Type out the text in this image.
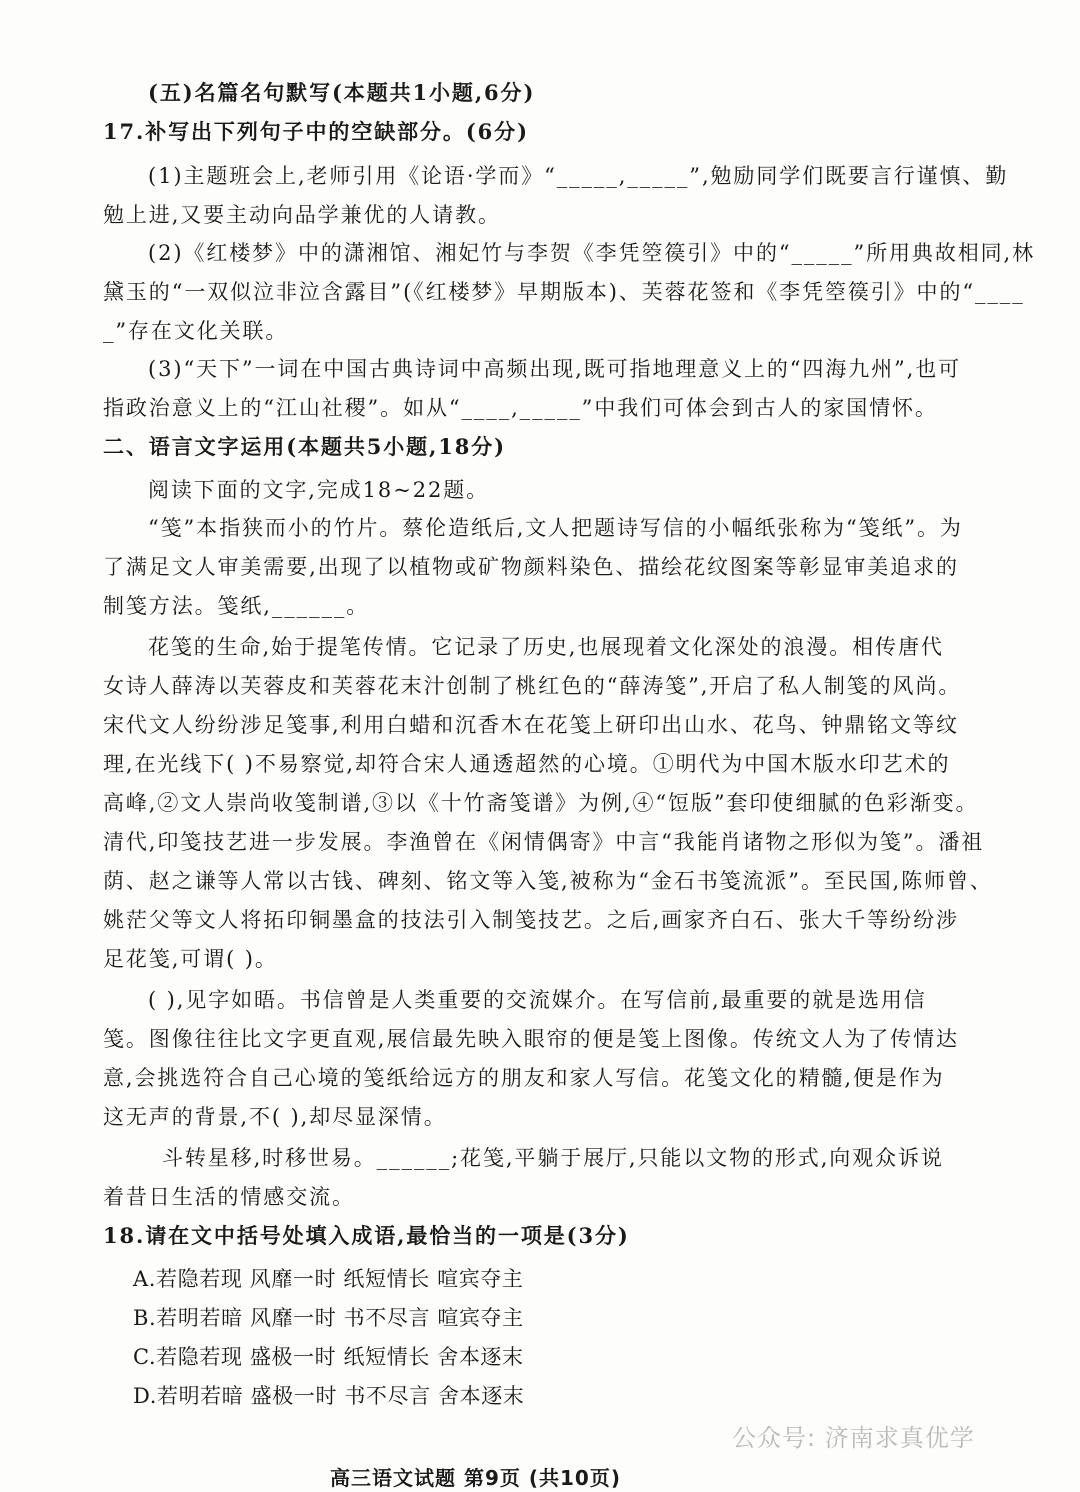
(五)名篇名句默写(本题共1小题,6分)
17.补写出下列句子中的空缺部分。(6分)
(1)主题班会上,老师引用《论语·学而》“_____,_____”,勉励同学们既要言行谨慎、勤
勉上进,又要主动向品学兼优的人请教。
(2)《红楼梦》中的潇湘馆、湘妃竹与李贺《李凭箜篌引》中的“_____”所用典故相同,林
黛玉的“一双似泣非泣含露目”(《红楼梦》早期版本)、芙蓉花签和《李凭箜篌引》中的“____
_”存在文化关联。
(3)“天下”一词在中国古典诗词中高频出现,既可指地理意义上的“四海九州”,也可
指政治意义上的“江山社稷”。如从“____,_____”中我们可体会到古人的家国情怀。
二、语言文字运用(本题共5小题,18分)
阅读下面的文字,完成18~22题。
“笺”本指狭而小的竹片。蔡伦造纸后,文人把题诗写信的小幅纸张称为“笺纸”。为
了满足文人审美需要,出现了以植物或矿物颜料染色、描绘花纹图案等彰显审美追求的
制笺方法。笺纸,______。
花笺的生命,始于提笔传情。它记录了历史,也展现着文化深处的浪漫。相传唐代
女诗人薛涛以芙蓉皮和芙蓉花末汁创制了桃红色的“薛涛笺”,开启了私人制笺的风尚。
宋代文人纷纷涉足笺事,利用白蜡和沉香木在花笺上研印出山水、花鸟、钟鼎铭文等纹
理,在光线下( )不易察觉,却符合宋人通透超然的心境。①明代为中国木版水印艺术的
高峰,②文人崇尚收笺制谱,③以《十竹斋笺谱》为例,④“饾版”套印使细腻的色彩渐变。
清代,印笺技艺进一步发展。李渔曾在《闲情偶寄》中言“我能肖诸物之形似为笺”。潘祖
荫、赵之谦等人常以古钱、碑刻、铭文等入笺,被称为“金石书笺流派”。至民国,陈师曾、
姚茫父等文人将拓印铜墨盒的技法引入制笺技艺。之后,画家齐白石、张大千等纷纷涉
足花笺,可谓( )。
( ),见字如晤。书信曾是人类重要的交流媒介。在写信前,最重要的就是选用信
笺。图像往往比文字更直观,展信最先映入眼帘的便是笺上图像。传统文人为了传情达
意,会挑选符合自己心境的笺纸给远方的朋友和家人写信。花笺文化的精髓,便是作为
这无声的背景,不( ),却尽显深情。
斗转星移,时移世易。______;花笺,平躺于展厅,只能以文物的形式,向观众诉说
着昔日生活的情感交流。
18.请在文中括号处填入成语,最恰当的一项是(3分)
A.若隐若现 风靡一时 纸短情长 喧宾夺主
B.若明若暗 风靡一时 书不尽言 喧宾夺主
C.若隐若现 盛极一时 纸短情长 舍本逐末
D.若明若暗 盛极一时 书不尽言 舍本逐末
公众号: 济南求真优学
高三语文试题 第9页 (共10页)
